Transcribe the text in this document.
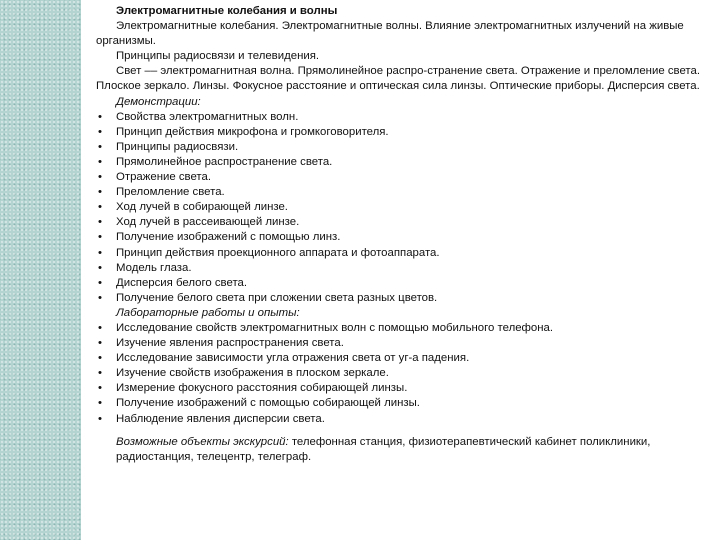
Электромагнитные колебания и волны

Электромагнитные колебания. Электромагнитные волны. Влияние электромагнитных излучений на живые организмы.

Принципы радиосвязи и телевидения.

Свет –– электромагнитная волна. Прямолинейное распро-странение света. Отражение и преломление света. Плоское зеркало. Линзы. Фокусное расстояние и оптическая сила линзы. Оптические приборы. Дисперсия света.

Демонстрации:

• Свойства электромагнитных волн.
• Принцип действия микрофона и громкоговорителя.
• Принципы радиосвязи.
• Прямолинейное распространение света.
• Отражение света.
• Преломление света.
• Ход лучей в собирающей линзе.
• Ход лучей в рассеивающей линзе.
• Получение изображений с помощью линз.
• Принцип действия проекционного аппарата и фотоаппарата.
• Модель глаза.
• Дисперсия белого света.
• Получение белого света при сложении света разных цветов.

Лабораторные работы и опыты:

• Исследование свойств электромагнитных волн с помощью мобильного телефона.
• Изучение явления распространения света.
• Исследование зависимости угла отражения света от уг-а падения.
• Изучение свойств изображения в плоском зеркале.
• Измерение фокусного расстояния собирающей линзы.
• Получение изображений с помощью собирающей линзы.
• Наблюдение явления дисперсии света.

Возможные объекты экскурсий: телефонная станция, физиотерапевтический кабинет поликлиники, радиостанция, телецентр, телеграф.
